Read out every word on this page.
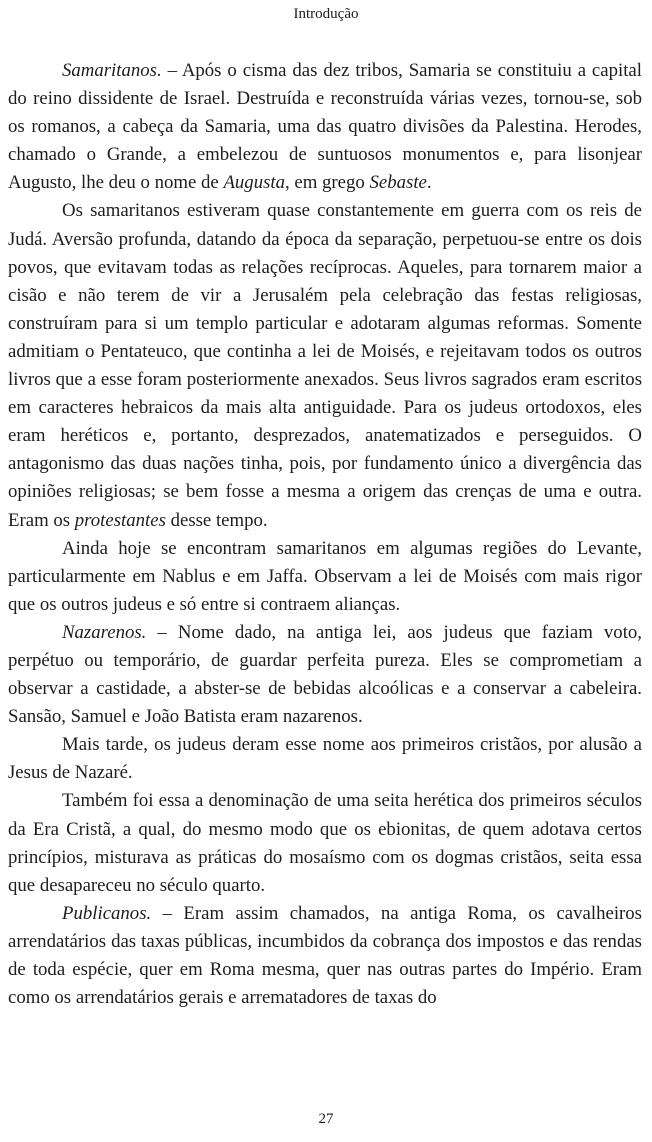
Introdução

Samaritanos. – Após o cisma das dez tribos, Samaria se constituiu a capital do reino dissidente de Israel. Destruída e reconstruída várias vezes, tornou-se, sob os romanos, a cabeça da Samaria, uma das quatro divisões da Palestina. Herodes, chamado o Grande, a embelezou de suntuosos monumentos e, para lisonjear Augusto, lhe deu o nome de Augusta, em grego Sebaste.

Os samaritanos estiveram quase constantemente em guerra com os reis de Judá. Aversão profunda, datando da época da separação, perpetuou-se entre os dois povos, que evitavam todas as relações recíprocas. Aqueles, para tornarem maior a cisão e não terem de vir a Jerusalém pela celebração das festas religiosas, construíram para si um templo particular e adotaram algumas reformas. Somente admitiam o Pentateuco, que continha a lei de Moisés, e rejeitavam todos os outros livros que a esse foram posteriormente anexados. Seus livros sagrados eram escritos em caracteres hebraicos da mais alta antiguidade. Para os judeus ortodoxos, eles eram heréticos e, portanto, desprezados, anatematizados e perseguidos. O antagonismo das duas nações tinha, pois, por fundamento único a divergência das opiniões religiosas; se bem fosse a mesma a origem das crenças de uma e outra. Eram os protestantes desse tempo.

Ainda hoje se encontram samaritanos em algumas regiões do Levante, particularmente em Nablus e em Jaffa. Observam a lei de Moisés com mais rigor que os outros judeus e só entre si contraem alianças.

Nazarenos. – Nome dado, na antiga lei, aos judeus que faziam voto, perpétuo ou temporário, de guardar perfeita pureza. Eles se comprometiam a observar a castidade, a abster-se de bebidas alcoólicas e a conservar a cabeleira. Sansão, Samuel e João Batista eram nazarenos.

Mais tarde, os judeus deram esse nome aos primeiros cristãos, por alusão a Jesus de Nazaré.

Também foi essa a denominação de uma seita herética dos primeiros séculos da Era Cristã, a qual, do mesmo modo que os ebionitas, de quem adotava certos princípios, misturava as práticas do mosaísmo com os dogmas cristãos, seita essa que desapareceu no século quarto.

Publicanos. – Eram assim chamados, na antiga Roma, os cavalheiros arrendatários das taxas públicas, incumbidos da cobrança dos impostos e das rendas de toda espécie, quer em Roma mesma, quer nas outras partes do Império. Eram como os arrendatários gerais e arrematadores de taxas do

27
